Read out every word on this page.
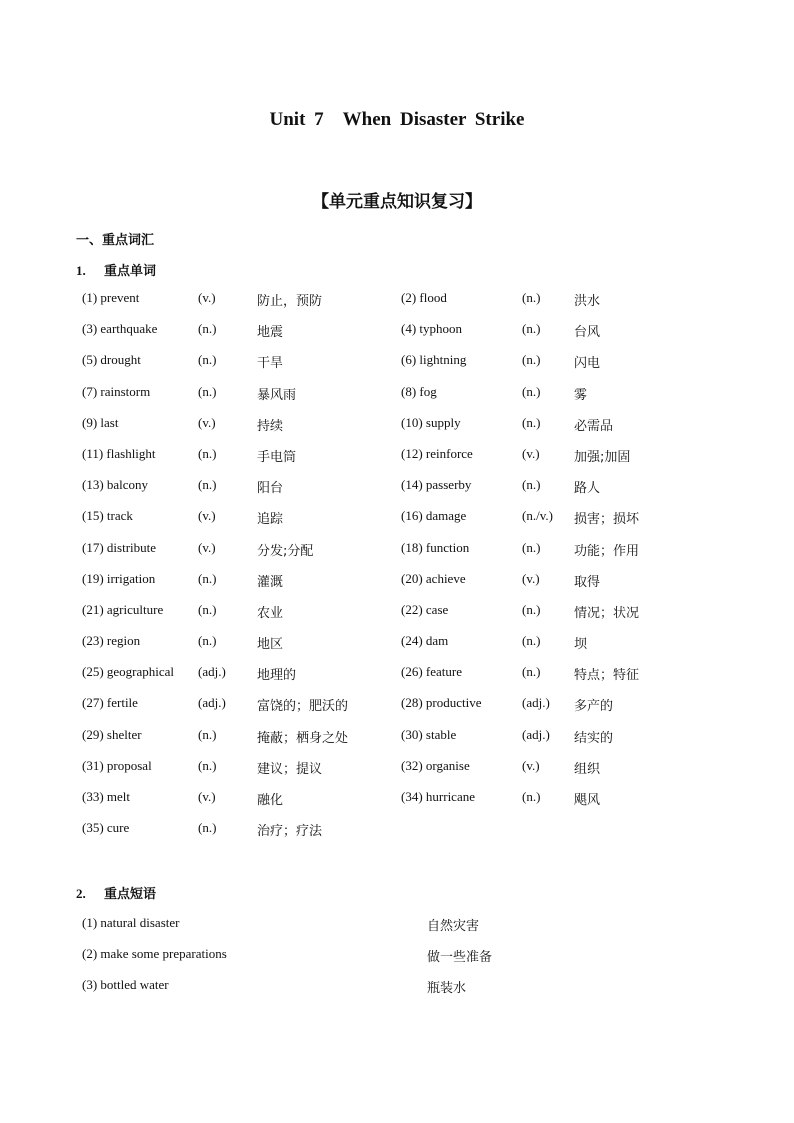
Unit 7　When Disaster Strike
【单元重点知识复习】
一、重点词汇
1. 重点单词
(1) prevent	(v.)	防止，预防	(2) flood	(n.)	洪水
(3) earthquake	(n.)	地震	(4) typhoon	(n.)	台风
(5) drought	(n.)	干旱	(6) lightning	(n.)	闪电
(7) rainstorm	(n.)	暴风雨	(8) fog	(n.)	雾
(9) last	(v.)	持续	(10) supply	(n.)	必需品
(11) flashlight	(n.)	手电筒	(12) reinforce	(v.)	加强;加固
(13) balcony	(n.)	阳台	(14) passerby	(n.)	路人
(15) track	(v.)	追踪	(16) damage	(n./v.) 损害；损坏
(17) distribute	(v.)	分发;分配	(18) function	(n.)	功能；作用
(19) irrigation	(n.)	灌溉	(20) achieve	(v.)	取得
(21) agriculture	(n.)	农业	(22) case	(n.)	情况；状况
(23) region	(n.)	地区	(24) dam	(n.)	坝
(25) geographical (adj.) 地理的	(26) feature	(n.)	特点；特征
(27) fertile	(adj.) 富饶的；肥沃的	(28) productive	(adj.) 多产的
(29) shelter	(n.)	掩蔽；栖身之处	(30) stable	(adj.) 结实的
(31) proposal	(n.)	建议；提议	(32) organise	(v.)	组织
(33) melt	(v.)	融化	(34) hurricane	(n.)	飓风
(35) cure	(n.)	治疗；疗法
2. 重点短语
(1) natural disaster	自然灾害
(2) make some preparations	做一些准备
(3) bottled water	瓶装水
